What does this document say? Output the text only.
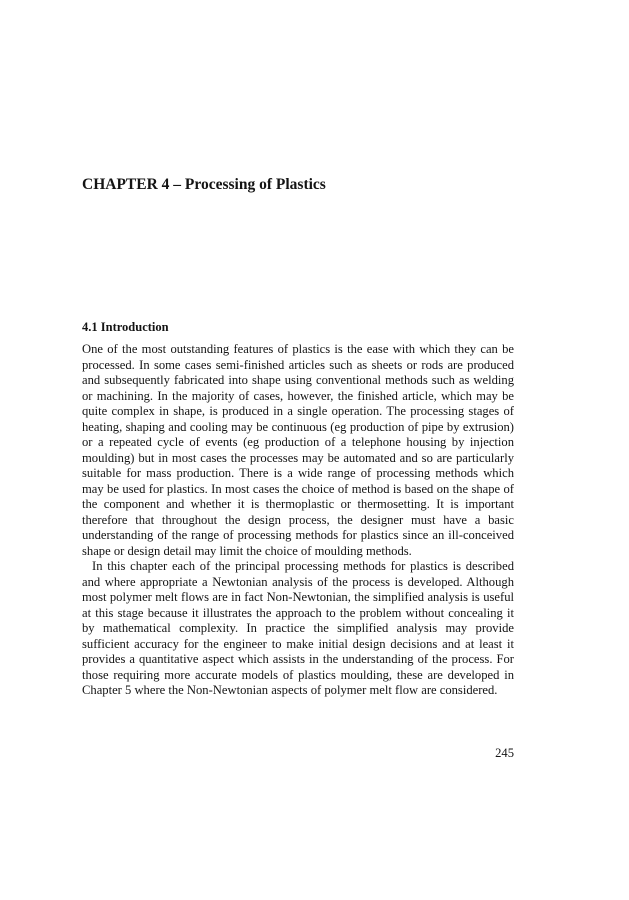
CHAPTER 4 – Processing of Plastics
4.1 Introduction

One of the most outstanding features of plastics is the ease with which they can be processed. In some cases semi-finished articles such as sheets or rods are produced and subsequently fabricated into shape using conventional methods such as welding or machining. In the majority of cases, however, the finished article, which may be quite complex in shape, is produced in a single operation. The processing stages of heating, shaping and cooling may be continuous (eg production of pipe by extrusion) or a repeated cycle of events (eg production of a telephone housing by injection moulding) but in most cases the processes may be automated and so are particularly suitable for mass production. There is a wide range of processing methods which may be used for plastics. In most cases the choice of method is based on the shape of the component and whether it is thermoplastic or thermosetting. It is important therefore that throughout the design process, the designer must have a basic understanding of the range of processing methods for plastics since an ill-conceived shape or design detail may limit the choice of moulding methods.

In this chapter each of the principal processing methods for plastics is described and where appropriate a Newtonian analysis of the process is developed. Although most polymer melt flows are in fact Non-Newtonian, the simplified analysis is useful at this stage because it illustrates the approach to the problem without concealing it by mathematical complexity. In practice the simplified analysis may provide sufficient accuracy for the engineer to make initial design decisions and at least it provides a quantitative aspect which assists in the understanding of the process. For those requiring more accurate models of plastics moulding, these are developed in Chapter 5 where the Non-Newtonian aspects of polymer melt flow are considered.

245
